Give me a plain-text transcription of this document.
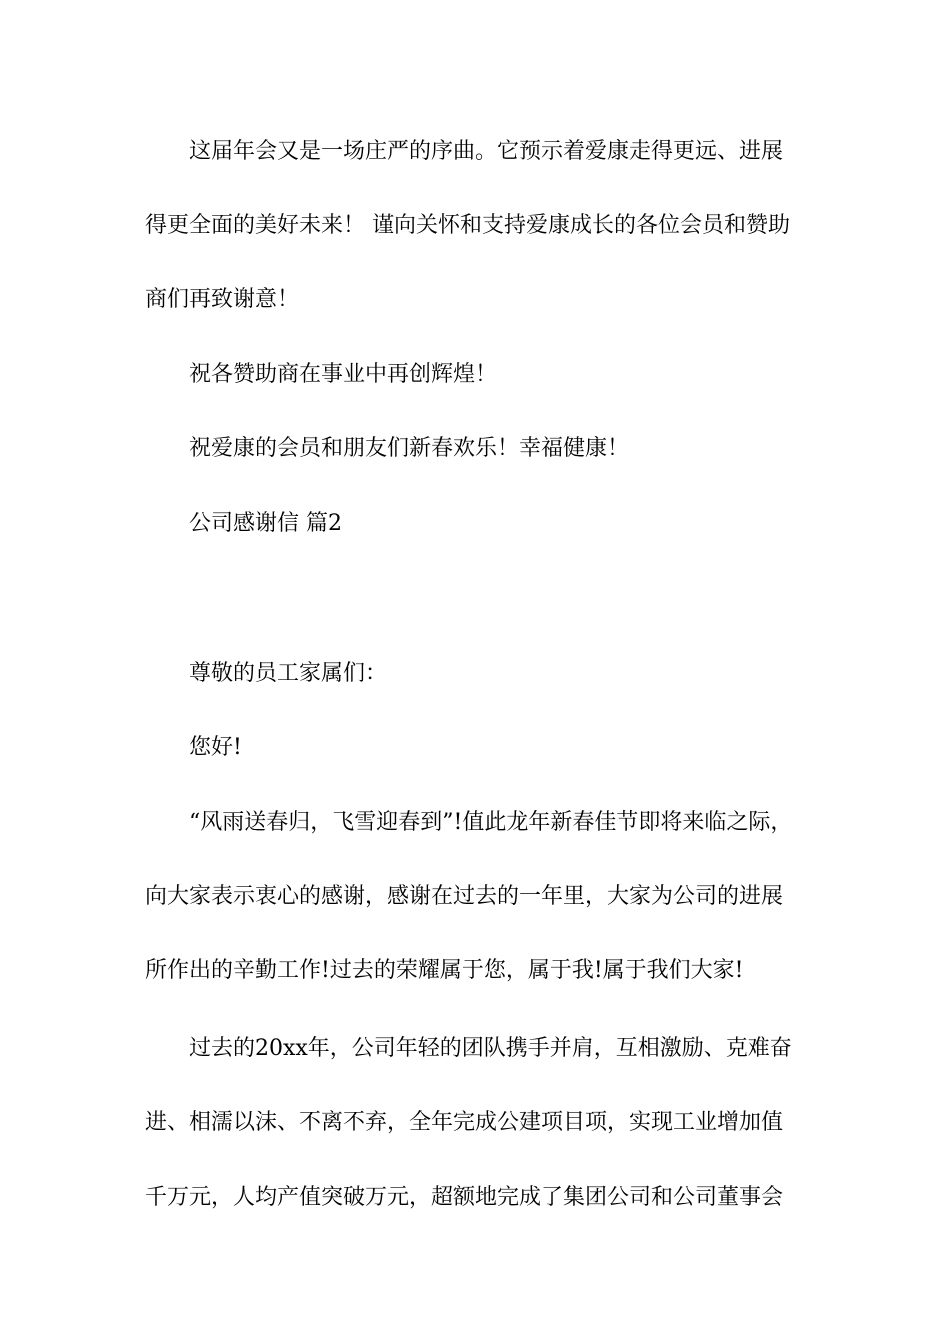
这届年会又是一场庄严的序曲。它预示着爱康走得更远、进展
得更全面的美好未来！ 谨向关怀和支持爱康成长的各位会员和赞助
商们再致谢意！
祝各赞助商在事业中再创辉煌！
祝爱康的会员和朋友们新春欢乐！幸福健康！
公司感谢信 篇2
尊敬的员工家属们：
您好!
“风雨送春归，飞雪迎春到”!值此龙年新春佳节即将来临之际，
向大家表示衷心的感谢，感谢在过去的一年里，大家为公司的进展
所作出的辛勤工作!过去的荣耀属于您，属于我!属于我们大家!
过去的20xx年，公司年轻的团队携手并肩，互相激励、克难奋
进、相濡以沫、不离不弃，全年完成公建项目项，实现工业增加值
千万元，人均产值突破万元，超额地完成了集团公司和公司董事会
